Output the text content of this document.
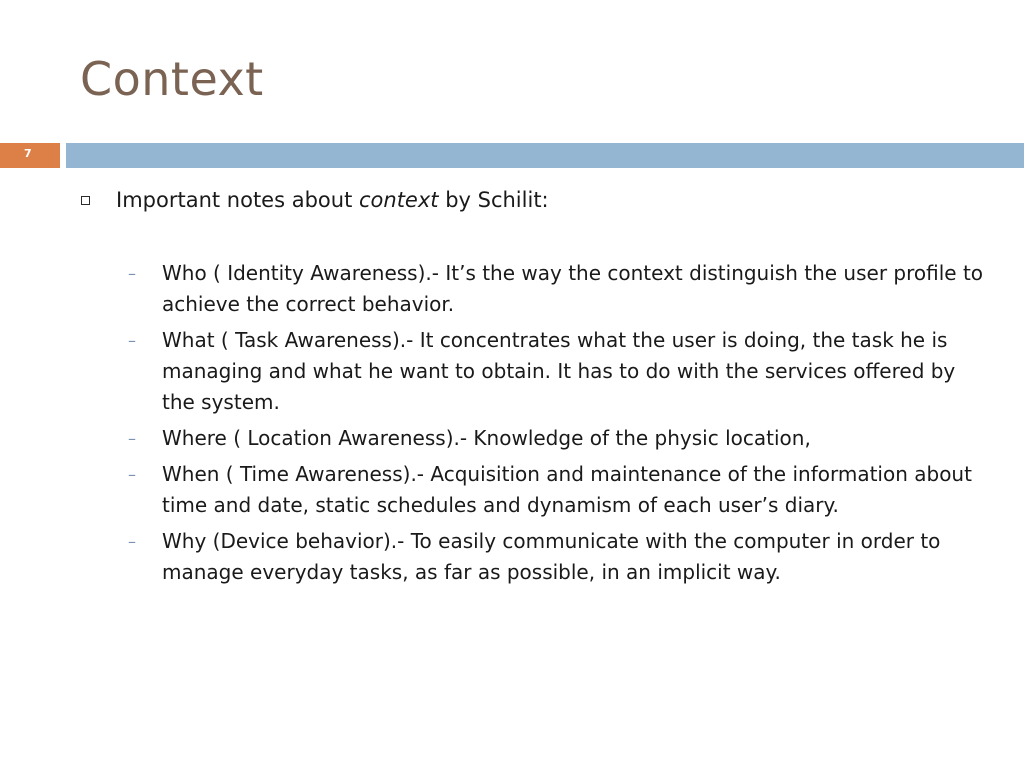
Context
7
Important notes about context by Schilit:
–	Who ( Identity Awareness).- It’s the way the context distinguish the user profile to achieve the correct behavior.
–	What ( Task Awareness).- It concentrates what the user is doing, the task he is managing and what he want to obtain. It has to do with the services offered by the system.
–	Where ( Location Awareness).- Knowledge of the physic location,
–	When ( Time Awareness).- Acquisition and maintenance of the information about time and date, static schedules and dynamism of each user’s diary.
–	Why (Device behavior).- To easily communicate with the computer in order to manage everyday tasks, as far as possible, in an implicit way.
